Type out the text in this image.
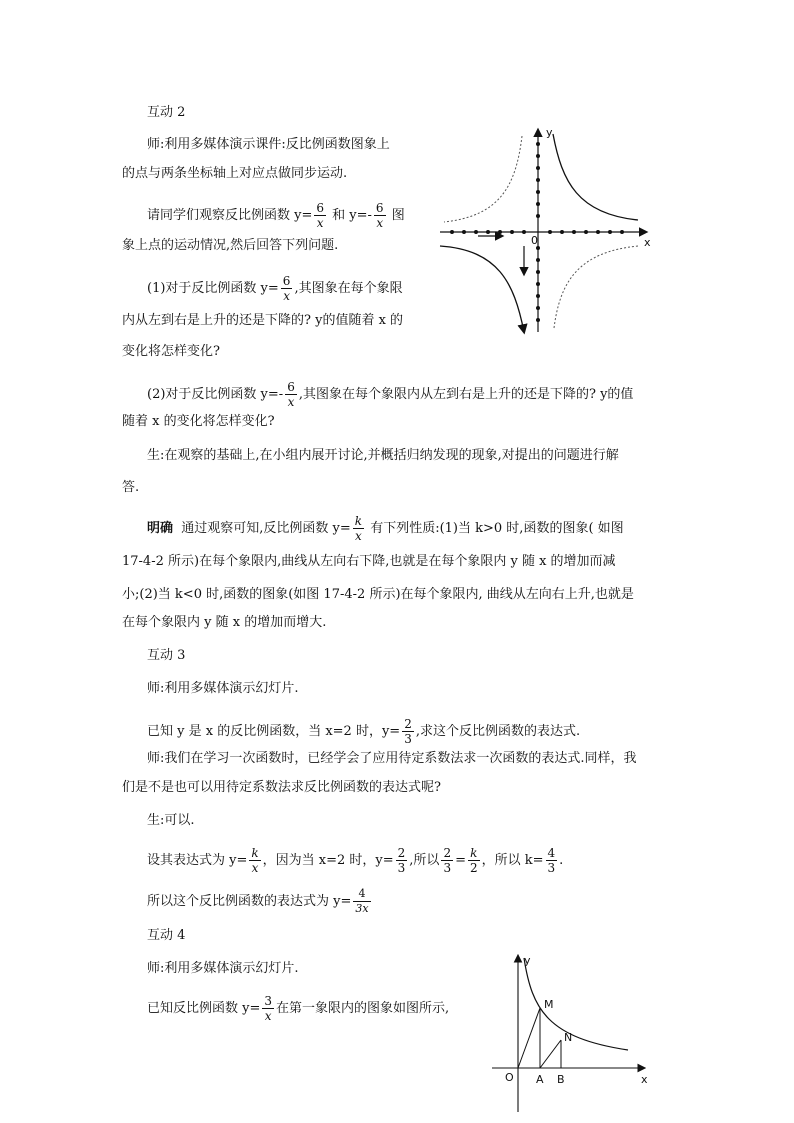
互动 2
师:利用多媒体演示课件:反比例函数图象上
的点与两条坐标轴上对应点做同步运动.
请同学们观察反比例函数 $y= \frac{6}{x}$ 和 $y=- \frac{6}{x}$ 图
象上点的运动情况,然后回答下列问题.
(1)对于反比例函数 $y= \frac{6}{x}$ ,其图象在每个象限
内从左到右是上升的还是下降的? y的值随着 x 的
变化将怎样变化?
(2)对于反比例函数 $y=- \frac{6}{x}$ ,其图象在每个象限内从左到右是上升的还是下降的? y的值
随着 x 的变化将怎样变化?
生:在观察的基础上,在小组内展开讨论,并概括归纳发现的现象,对提出的问题进行解
答.
明确 通过观察可知,反比例函数 $y= \frac{k}{x}$ 有下列性质:(1)当 k>0 时,函数的图象( 如图
17-4-2 所示)在每个象限内,曲线从左向右下降,也就是在每个象限内 y 随 x 的增加而减
小;(2)当 k<0 时,函数的图象(如图 17-4-2 所示)在每个象限内, 曲线从左向右上升,也就是
在每个象限内 y 随 x 的增加而增大.
互动 3
师:利用多媒体演示幻灯片.
已知 y 是 x 的反比例函数，当 x=2 时，$y= \frac{2}{3}$ ,求这个反比例函数的表达式.
师:我们在学习一次函数时，已经学会了应用待定系数法求一次函数的表达式.同样，我
们是不是也可以用待定系数法求反比例函数的表达式呢?
生:可以.
设其表达式为 $y= \frac{k}{x}$ ，因为当 x=2 时，$y= \frac{2}{3}$ ,所以 $\frac{2}{3} = \frac{k}{2}$ ，所以 $k= \frac{4}{3}$ .
所以这个反比例函数的表达式为 $y= \frac{4}{3x}$
互动 4
师:利用多媒体演示幻灯片.
已知反比例函数 $y= \frac{3}{x}$ 在第一象限内的图象如图所示,
y
x
0
y
x
O
M
N
A B
